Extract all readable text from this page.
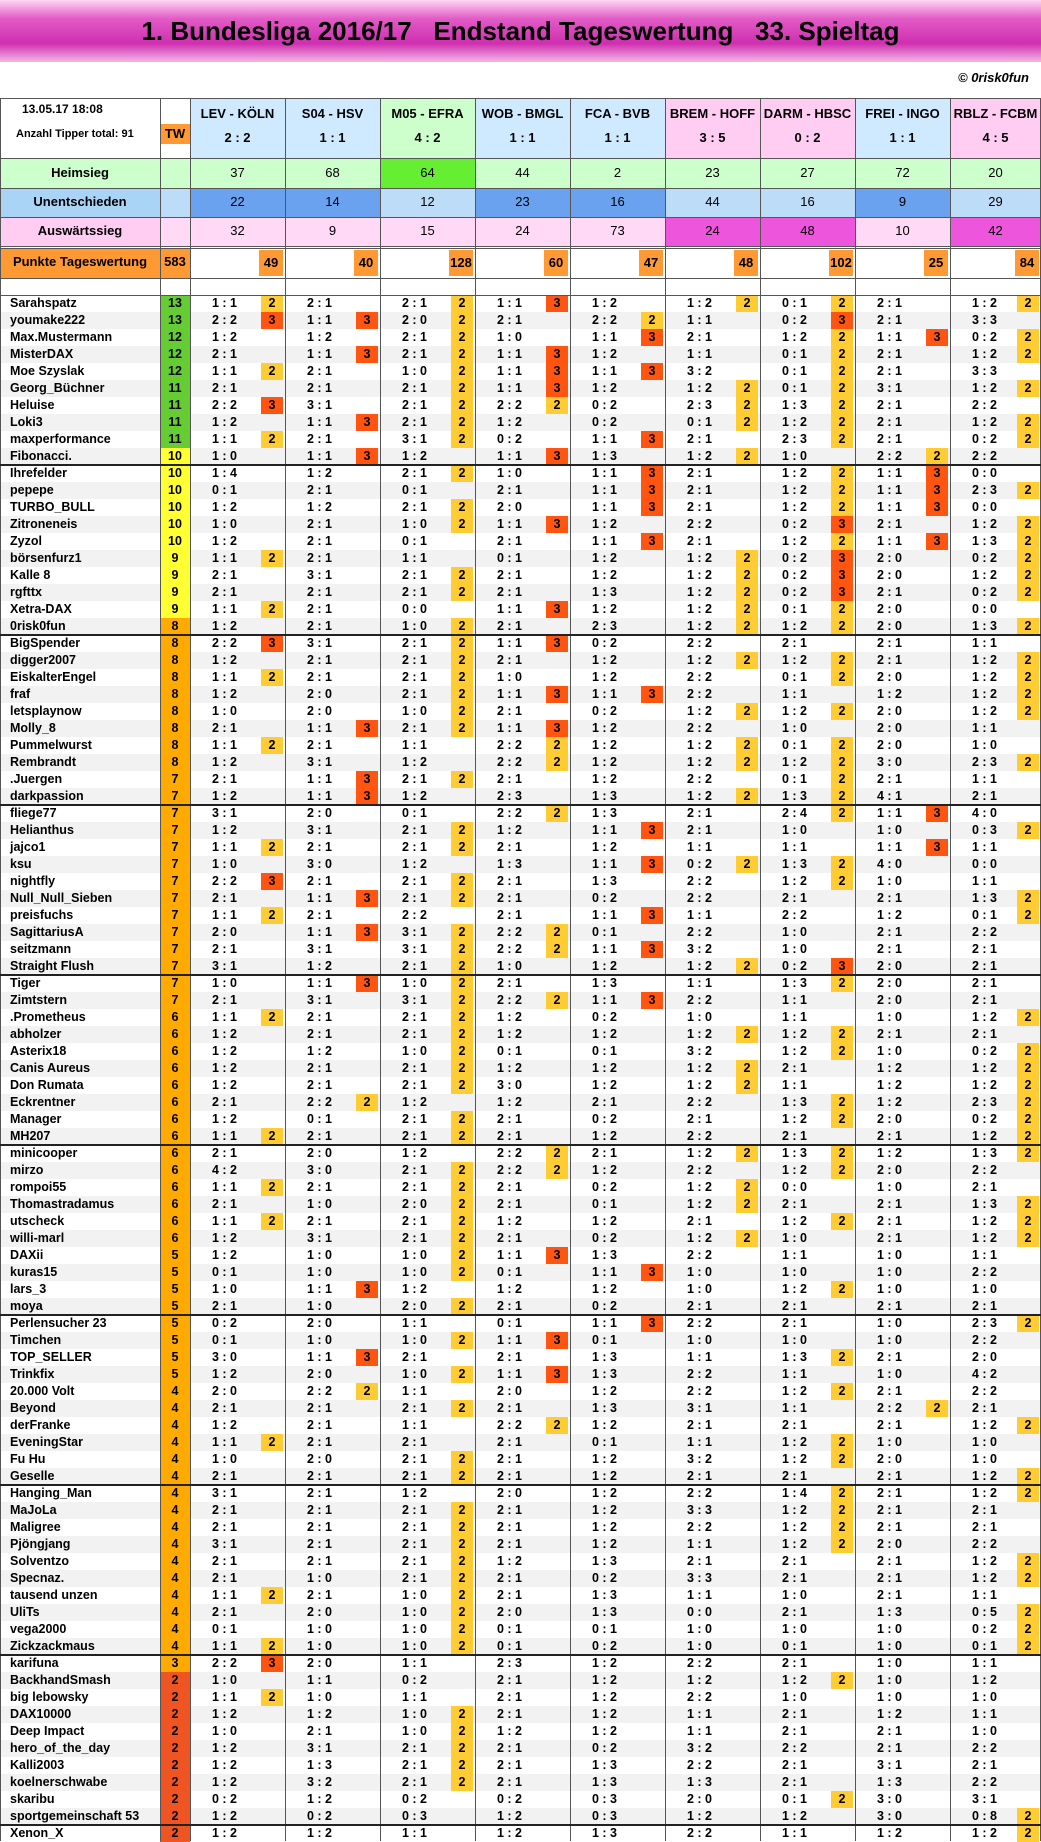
1. Bundesliga 2016/17   Endstand Tageswertung   33. Spieltag
© 0risk0fun
13.05.17 18:08
Anzahl Tipper total: 91	TW
LEV - KÖLN
2 : 2
S04 - HSV
1 : 1
M05 - EFRA
4 : 2
WOB - BMGL
1 : 1
FCA - BVB
1 : 1
BREM - HOFF
3 : 5
DARM - HBSC
0 : 2
FREI - INGO
1 : 1
RBLZ - FCBM
4 : 5
Heimsieg	37	68	64	44	2	23	27	72	20
Unentschieden	22	14	12	23	16	44	16	9	29
Auswärtssieg	32	9	15	24	73	24	48	10	42
Punkte Tageswertung	583	49	40	128	60	47	48	102	25	84
Sarahspatz	13	1 : 1	2	2 : 1	2 : 1	2	1 : 1	3	1 : 2	1 : 2	2	0 : 1	2	2 : 1	1 : 2	2
youmake222	13	2 : 2	3	1 : 1	3	2 : 0	2	2 : 1	2 : 2	2	1 : 1	0 : 2	3	2 : 1	3 : 3
Max.Mustermann	12	1 : 2	1 : 2	2 : 1	2	1 : 0	1 : 1	3	2 : 1	1 : 2	2	1 : 1	3	0 : 2	2
MisterDAX	12	2 : 1	1 : 1	3	2 : 1	2	1 : 1	3	1 : 2	1 : 1	0 : 1	2	2 : 1	1 : 2	2
Moe Szyslak	12	1 : 1	2	2 : 1	1 : 0	2	1 : 1	3	1 : 1	3	3 : 2	0 : 1	2	2 : 1	3 : 3
Georg_Büchner	11	2 : 1	2 : 1	2 : 1	2	1 : 1	3	1 : 2	1 : 2	2	0 : 1	2	3 : 1	1 : 2	2
Heluise	11	2 : 2	3	3 : 1	2 : 1	2	2 : 2	2	0 : 2	2 : 3	2	1 : 3	2	2 : 1	2 : 2
Loki3	11	1 : 2	1 : 1	3	2 : 1	2	1 : 2	0 : 2	0 : 1	2	1 : 2	2	2 : 1	1 : 2	2
maxperformance	11	1 : 1	2	2 : 1	3 : 1	2	0 : 2	1 : 1	3	2 : 1	2 : 3	2	2 : 1	0 : 2	2
Fibonacci.	10	1 : 0	1 : 1	3	1 : 2	1 : 1	3	1 : 3	1 : 2	2	1 : 0	2 : 2	2	2 : 2
Ihrefelder	10	1 : 4	1 : 2	2 : 1	2	1 : 0	1 : 1	3	2 : 1	1 : 2	2	1 : 1	3	0 : 0
pepepe	10	0 : 1	2 : 1	0 : 1	2 : 1	1 : 1	3	2 : 1	1 : 2	2	1 : 1	3	2 : 3	2
TURBO_BULL	10	1 : 2	1 : 2	2 : 1	2	2 : 0	1 : 1	3	2 : 1	1 : 2	2	1 : 1	3	0 : 0
Zitroneneis	10	1 : 0	2 : 1	1 : 0	2	1 : 1	3	1 : 2	2 : 2	0 : 2	3	2 : 1	1 : 2	2
Zyzol	10	1 : 2	2 : 1	0 : 1	2 : 1	1 : 1	3	2 : 1	1 : 2	2	1 : 1	3	1 : 3	2
börsenfurz1	9	1 : 1	2	2 : 1	1 : 1	0 : 1	1 : 2	1 : 2	2	0 : 2	3	2 : 0	0 : 2	2
Kalle 8	9	2 : 1	3 : 1	2 : 1	2	2 : 1	1 : 2	1 : 2	2	0 : 2	3	2 : 0	1 : 2	2
rgfttx	9	2 : 1	2 : 1	2 : 1	2	2 : 1	1 : 3	1 : 2	2	0 : 2	3	2 : 1	0 : 2	2
Xetra-DAX	9	1 : 1	2	2 : 1	0 : 0	1 : 1	3	1 : 2	1 : 2	2	0 : 1	2	2 : 0	0 : 0
0risk0fun	8	1 : 2	2 : 1	1 : 0	2	2 : 1	2 : 3	1 : 2	2	1 : 2	2	2 : 0	1 : 3	2
BigSpender	8	2 : 2	3	3 : 1	2 : 1	2	1 : 1	3	0 : 2	2 : 2	2 : 1	2 : 1	1 : 1
digger2007	8	1 : 2	2 : 1	2 : 1	2	2 : 1	1 : 2	1 : 2	2	1 : 2	2	2 : 1	1 : 2	2
EiskalterEngel	8	1 : 1	2	2 : 1	2 : 1	2	1 : 0	1 : 2	2 : 2	0 : 1	2	2 : 0	1 : 2	2
fraf	8	1 : 2	2 : 0	2 : 1	2	1 : 1	3	1 : 1	3	2 : 2	1 : 1	1 : 2	1 : 2	2
letsplaynow	8	1 : 0	2 : 0	1 : 0	2	2 : 1	0 : 2	1 : 2	2	1 : 2	2	2 : 0	1 : 2	2
Molly_8	8	2 : 1	1 : 1	3	2 : 1	2	1 : 1	3	1 : 2	2 : 2	1 : 0	2 : 0	1 : 1
Pummelwurst	8	1 : 1	2	2 : 1	1 : 1	2 : 2	2	1 : 2	1 : 2	2	0 : 1	2	2 : 0	1 : 0
Rembrandt	8	1 : 2	3 : 1	1 : 2	2 : 2	2	1 : 2	1 : 2	2	1 : 2	2	3 : 0	2 : 3	2
.Juergen	7	2 : 1	1 : 1	3	2 : 1	2	2 : 1	1 : 2	2 : 2	0 : 1	2	2 : 1	1 : 1
darkpassion	7	1 : 2	1 : 1	3	1 : 2	2 : 3	1 : 3	1 : 2	2	1 : 3	2	4 : 1	2 : 1
fliege77	7	3 : 1	2 : 0	0 : 1	2 : 2	2	1 : 3	2 : 1	2 : 4	2	1 : 1	3	4 : 0
Helianthus	7	1 : 2	3 : 1	2 : 1	2	1 : 2	1 : 1	3	2 : 1	1 : 0	1 : 0	0 : 3	2
jajco1	7	1 : 1	2	2 : 1	2 : 1	2	2 : 1	1 : 2	1 : 1	1 : 1	1 : 1	3	1 : 1
ksu	7	1 : 0	3 : 0	1 : 2	1 : 3	1 : 1	3	0 : 2	2	1 : 3	2	4 : 0	0 : 0
nightfly	7	2 : 2	3	2 : 1	2 : 1	2	2 : 1	1 : 3	2 : 2	1 : 2	2	1 : 0	1 : 1
Null_Null_Sieben	7	2 : 1	1 : 1	3	2 : 1	2	2 : 1	0 : 2	2 : 2	2 : 1	2 : 1	1 : 3	2
preisfuchs	7	1 : 1	2	2 : 1	2 : 2	2 : 1	1 : 1	3	1 : 1	2 : 2	1 : 2	0 : 1	2
SagittariusA	7	2 : 0	1 : 1	3	3 : 1	2	2 : 2	2	0 : 1	2 : 2	1 : 0	2 : 1	2 : 2
seitzmann	7	2 : 1	3 : 1	3 : 1	2	2 : 2	2	1 : 1	3	3 : 2	1 : 0	2 : 1	2 : 1
Straight Flush	7	3 : 1	1 : 2	2 : 1	2	1 : 0	1 : 2	1 : 2	2	0 : 2	3	2 : 0	2 : 1
Tiger	7	1 : 0	1 : 1	3	1 : 0	2	2 : 1	1 : 3	1 : 1	1 : 3	2	2 : 0	2 : 1
Zimtstern	7	2 : 1	3 : 1	3 : 1	2	2 : 2	2	1 : 1	3	2 : 2	1 : 1	2 : 0	2 : 1
.Prometheus	6	1 : 1	2	2 : 1	2 : 1	2	1 : 2	0 : 2	1 : 0	1 : 1	1 : 0	1 : 2	2
abholzer	6	1 : 2	2 : 1	2 : 1	2	1 : 2	1 : 2	1 : 2	2	1 : 2	2	2 : 1	2 : 1
Asterix18	6	1 : 2	1 : 2	1 : 0	2	0 : 1	0 : 1	3 : 2	1 : 2	2	1 : 0	0 : 2	2
Canis Aureus	6	1 : 2	2 : 1	2 : 1	2	1 : 2	1 : 2	1 : 2	2	2 : 1	1 : 2	1 : 2	2
Don Rumata	6	1 : 2	2 : 1	2 : 1	2	3 : 0	1 : 2	1 : 2	2	1 : 1	1 : 2	1 : 2	2
Eckrentner	6	2 : 1	2 : 2	2	1 : 2	1 : 2	2 : 1	2 : 2	1 : 3	2	1 : 2	2 : 3	2
Manager	6	1 : 2	0 : 1	2 : 1	2	2 : 1	0 : 2	2 : 1	1 : 2	2	2 : 0	0 : 2	2
MH207	6	1 : 1	2	2 : 1	2 : 1	2	2 : 1	1 : 2	2 : 2	2 : 1	2 : 1	1 : 2	2
minicooper	6	2 : 1	2 : 0	1 : 2	2 : 2	2	2 : 1	1 : 2	2	1 : 3	2	1 : 2	1 : 3	2
mirzo	6	4 : 2	3 : 0	2 : 1	2	2 : 2	2	1 : 2	2 : 2	1 : 2	2	2 : 0	2 : 2
rompoi55	6	1 : 1	2	2 : 1	2 : 1	2	2 : 1	0 : 2	1 : 2	2	0 : 0	1 : 0	2 : 1
Thomastradamus	6	2 : 1	1 : 0	2 : 0	2	2 : 1	0 : 1	1 : 2	2	2 : 1	2 : 1	1 : 3	2
utscheck	6	1 : 1	2	2 : 1	2 : 1	2	1 : 2	1 : 2	2 : 1	1 : 2	2	2 : 1	1 : 2	2
willi-marl	6	1 : 2	3 : 1	2 : 1	2	2 : 1	0 : 2	1 : 2	2	1 : 0	2 : 1	1 : 2	2
DAXii	5	1 : 2	1 : 0	1 : 0	2	1 : 1	3	1 : 3	2 : 2	1 : 1	1 : 0	1 : 1
kuras15	5	0 : 1	1 : 0	1 : 0	2	0 : 1	1 : 1	3	1 : 0	1 : 0	1 : 0	2 : 2
lars_3	5	1 : 0	1 : 1	3	1 : 2	1 : 2	1 : 2	1 : 0	1 : 2	2	1 : 0	1 : 0
moya	5	2 : 1	1 : 0	2 : 0	2	2 : 1	0 : 2	2 : 1	2 : 1	2 : 1	2 : 1
Perlensucher 23	5	0 : 2	2 : 0	1 : 1	0 : 1	1 : 1	3	2 : 2	2 : 1	1 : 0	2 : 3	2
Timchen	5	0 : 1	1 : 0	1 : 0	2	1 : 1	3	0 : 1	1 : 0	1 : 0	1 : 0	2 : 2
TOP_SELLER	5	3 : 0	1 : 1	3	2 : 1	2 : 1	1 : 3	1 : 1	1 : 3	2	2 : 1	2 : 0
Trinkfix	5	1 : 2	2 : 0	1 : 0	2	1 : 1	3	1 : 3	2 : 2	1 : 1	1 : 0	4 : 2
20.000 Volt	4	2 : 0	2 : 2	2	1 : 1	2 : 0	1 : 2	2 : 2	1 : 2	2	2 : 1	2 : 2
Beyond	4	2 : 1	2 : 1	2 : 1	2	2 : 1	1 : 3	3 : 1	1 : 1	2 : 2	2	2 : 1
derFranke	4	1 : 2	2 : 1	1 : 1	2 : 2	2	1 : 2	2 : 1	2 : 1	2 : 1	1 : 2	2
EveningStar	4	1 : 1	2	2 : 1	2 : 1	2 : 1	0 : 1	1 : 1	1 : 2	2	1 : 0	1 : 0
Fu Hu	4	1 : 0	2 : 0	2 : 1	2	2 : 1	1 : 2	3 : 2	1 : 2	2	2 : 0	1 : 0
Geselle	4	2 : 1	2 : 1	2 : 1	2	2 : 1	1 : 2	2 : 1	2 : 1	2 : 1	1 : 2	2
Hanging_Man	4	3 : 1	2 : 1	1 : 2	2 : 0	1 : 2	2 : 2	1 : 4	2	2 : 1	1 : 2	2
MaJoLa	4	2 : 1	2 : 1	2 : 1	2	2 : 1	1 : 2	3 : 3	1 : 2	2	2 : 1	2 : 1
Maligree	4	2 : 1	2 : 1	2 : 1	2	2 : 1	1 : 2	2 : 2	1 : 2	2	2 : 1	2 : 1
Pjöngjang	4	3 : 1	2 : 1	2 : 1	2	2 : 1	1 : 2	1 : 1	1 : 2	2	2 : 0	2 : 2
Solventzo	4	2 : 1	2 : 1	2 : 1	2	1 : 2	1 : 3	2 : 1	2 : 1	2 : 1	1 : 2	2
Specnaz.	4	2 : 1	1 : 0	2 : 1	2	2 : 1	0 : 2	3 : 3	2 : 1	2 : 1	1 : 2	2
tausend unzen	4	1 : 1	2	2 : 1	1 : 0	2	2 : 1	1 : 3	1 : 1	1 : 0	2 : 1	1 : 1
UliTs	4	2 : 1	2 : 0	1 : 0	2	2 : 0	1 : 3	0 : 0	2 : 1	1 : 3	0 : 5	2
vega2000	4	0 : 1	1 : 0	1 : 0	2	0 : 1	0 : 1	1 : 0	1 : 0	1 : 0	0 : 2	2
Zickzackmaus	4	1 : 1	2	1 : 0	1 : 0	2	0 : 1	0 : 2	1 : 0	0 : 1	1 : 0	0 : 1	2
karifuna	3	2 : 2	3	2 : 0	1 : 1	2 : 3	1 : 2	2 : 2	2 : 1	1 : 0	1 : 1
BackhandSmash	2	1 : 0	1 : 1	0 : 2	2 : 1	1 : 2	1 : 2	1 : 2	2	1 : 0	1 : 2
big lebowsky	2	1 : 1	2	1 : 0	1 : 1	2 : 1	1 : 2	2 : 2	1 : 0	1 : 0	1 : 0
DAX10000	2	1 : 2	1 : 2	1 : 0	2	2 : 1	1 : 2	1 : 1	2 : 1	1 : 2	1 : 1
Deep Impact	2	1 : 0	2 : 1	1 : 0	2	1 : 2	1 : 2	1 : 1	2 : 1	2 : 1	1 : 0
hero_of_the_day	2	1 : 2	3 : 1	2 : 1	2	2 : 1	0 : 2	3 : 2	2 : 2	2 : 1	2 : 2
Kalli2003	2	1 : 2	1 : 3	2 : 1	2	2 : 1	1 : 3	2 : 2	2 : 1	3 : 1	2 : 1
koelnerschwabe	2	1 : 2	3 : 2	2 : 1	2	2 : 1	1 : 3	1 : 3	2 : 1	1 : 3	2 : 2
skaribu	2	0 : 2	1 : 2	0 : 2	0 : 2	0 : 3	2 : 0	0 : 1	2	3 : 0	3 : 1
sportgemeinschaft 53	2	1 : 2	0 : 2	0 : 3	1 : 2	0 : 3	1 : 2	1 : 2	3 : 0	0 : 8	2
Xenon_X	2	1 : 2	1 : 2	1 : 1	1 : 2	1 : 3	2 : 2	1 : 1	1 : 2	1 : 2	2
